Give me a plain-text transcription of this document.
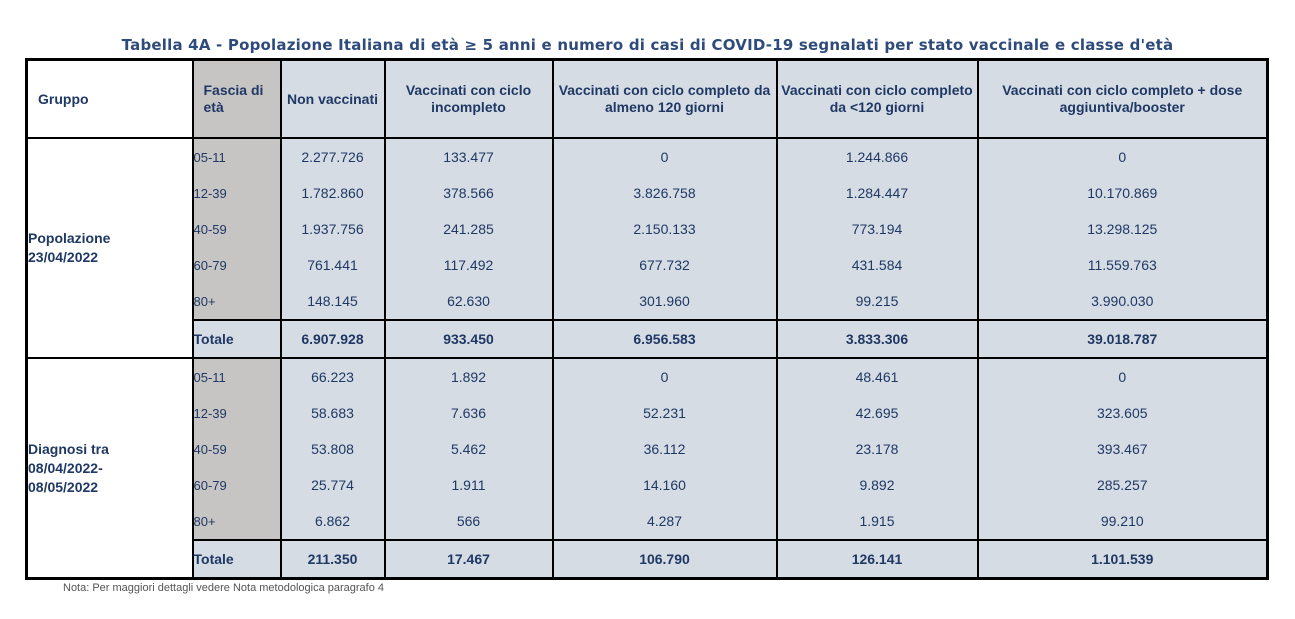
Tabella 4A - Popolazione Italiana di età ≥ 5 anni e numero di casi di COVID-19 segnalati per stato vaccinale e classe d'età
Gruppo	Fascia di età	Non vaccinati	Vaccinati con ciclo incompleto	Vaccinati con ciclo completo da almeno 120 giorni	Vaccinati con ciclo completo da <120 giorni	Vaccinati con ciclo completo + dose aggiuntiva/booster

Popolazione
23/04/2022	05-11	2.277.726	133.477	0	1.244.866	0
	12-39	1.782.860	378.566	3.826.758	1.284.447	10.170.869
	40-59	1.937.756	241.285	2.150.133	773.194	13.298.125
	60-79	761.441	117.492	677.732	431.584	11.559.763
	80+	148.145	62.630	301.960	99.215	3.990.030
	Totale	6.907.928	933.450	6.956.583	3.833.306	39.018.787

Diagnosi tra
08/04/2022-
08/05/2022	05-11	66.223	1.892	0	48.461	0
	12-39	58.683	7.636	52.231	42.695	323.605
	40-59	53.808	5.462	36.112	23.178	393.467
	60-79	25.774	1.911	14.160	9.892	285.257
	80+	6.862	566	4.287	1.915	99.210
	Totale	211.350	17.467	106.790	126.141	1.101.539
Nota: Per maggiori dettagli vedere Nota metodologica paragrafo 4
